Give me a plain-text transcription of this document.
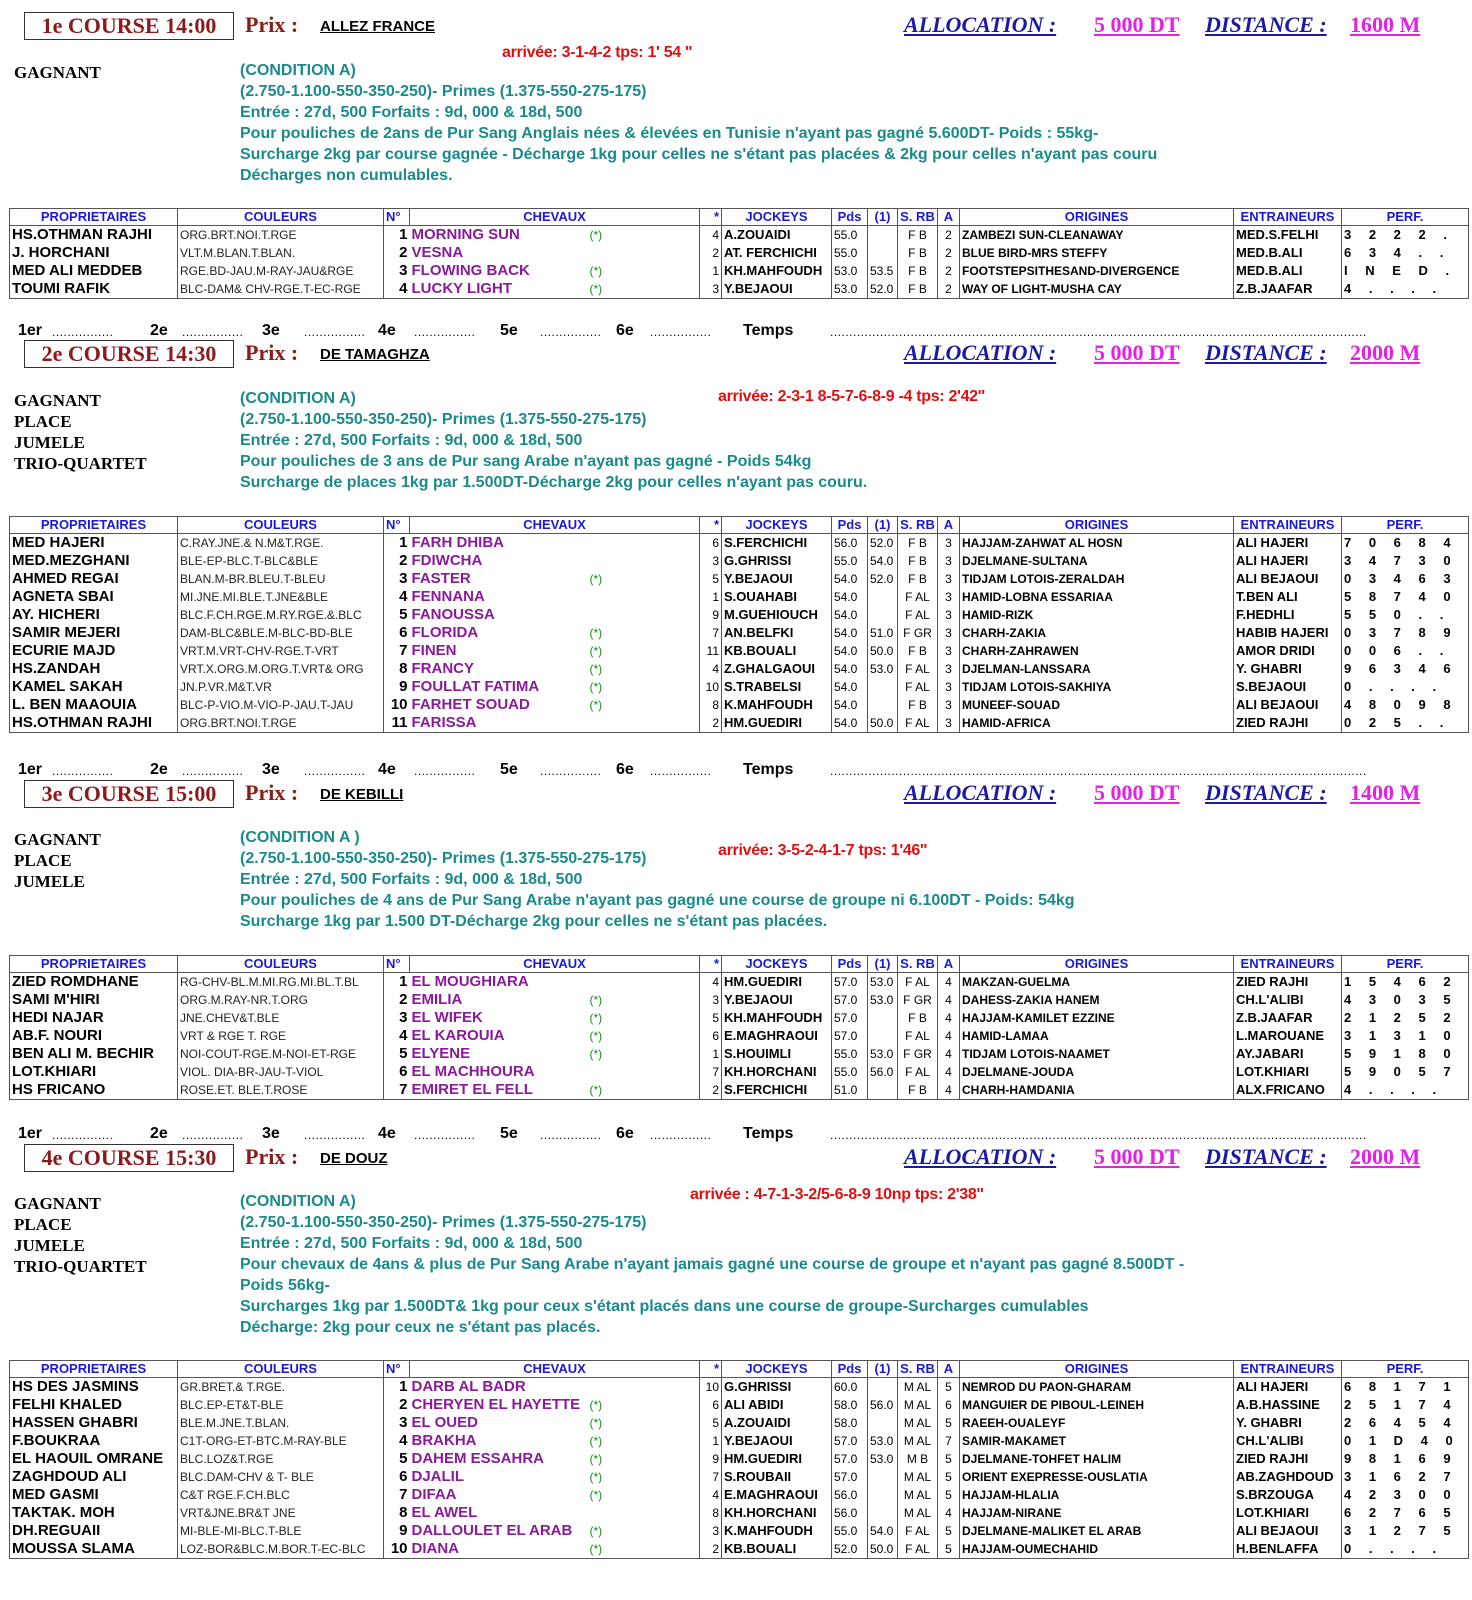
1e COURSE 14:00	Prix : ALLEZ FRANCE	ALLOCATION : 5 000 DT DISTANCE : 1600 M
arrivée: 3-1-4-2 tps: 1' 54 ''
GAGNANT	(CONDITION A)
(2.750-1.100-550-350-250)- Primes (1.375-550-275-175)
Entrée : 27d, 500 Forfaits : 9d, 000 & 18d, 500
Pour pouliches de 2ans de Pur Sang Anglais nées & élevées en Tunisie n'ayant pas gagné 5.600DT- Poids : 55kg-
Surcharge 2kg par course gagnée - Décharge 1kg pour celles ne s'étant pas placées & 2kg pour celles n'ayant pas couru
Décharges non cumulables.
PROPRIETAIRES	COULEURS	N°	CHEVAUX	*	JOCKEYS	Pds	(1)	S. RB	A	ORIGINES	ENTRAINEURS	PERF.
HS.OTHMAN RAJHI	ORG.BRT.NOI.T.RGE	1	MORNING SUN (*)	4	A.ZOUAIDI	55.0		F B	2	ZAMBEZI SUN-CLEANAWAY	MED.S.FELHI	3 2 2 2 .
J. HORCHANI	VLT.M.BLAN.T.BLAN.	2	VESNA	2	AT. FERCHICHI	55.0		F B	2	BLUE BIRD-MRS STEFFY	MED.B.ALI	6 3 4 . .
MED ALI MEDDEB	RGE.BD-JAU.M-RAY-JAU&RGE	3	FLOWING BACK (*)	1	KH.MAHFOUDH	53.0	53.5	F B	2	FOOTSTEPSITHESAND-DIVERGENCE	MED.B.ALI	I N E D .
TOUMI RAFIK	BLC-DAM& CHV-RGE.T-EC-RGE	4	LUCKY LIGHT (*)	3	Y.BEJAOUI	53.0	52.0	F B	2	WAY OF LIGHT-MUSHA CAY	Z.B.JAAFAR	4 . . . .
1er ................ 2e ................ 3e ................ 4e ................ 5e ................ 6e ................ Temps	............................................................................................................................................
2e COURSE 14:30	Prix : DE TAMAGHZA	ALLOCATION : 5 000 DT DISTANCE : 2000 M
arrivée: 2-3-1 8-5-7-6-8-9 -4 tps: 2'42''
GAGNANT
PLACE
JUMELE
TRIO-QUARTET
(CONDITION A)
(2.750-1.100-550-350-250)- Primes (1.375-550-275-175)
Entrée : 27d, 500 Forfaits : 9d, 000 & 18d, 500
Pour pouliches de 3 ans de Pur sang Arabe n'ayant pas gagné - Poids 54kg
Surcharge de places 1kg par 1.500DT-Décharge 2kg pour celles n'ayant pas couru.
PROPRIETAIRES	COULEURS	N°	CHEVAUX	*	JOCKEYS	Pds	(1)	S. RB	A	ORIGINES	ENTRAINEURS	PERF.
MED HAJERI	C.RAY.JNE.& N.M&T.RGE.	1	FARH DHIBA	6	S.FERCHICHI	56.0	52.0	F B	3	HAJJAM-ZAHWAT AL HOSN	ALI HAJERI	7 0 6 8 4
MED.MEZGHANI	BLE-EP-BLC.T-BLC&BLE	2	FDIWCHA	3	G.GHRISSI	55.0	54.0	F B	3	DJELMANE-SULTANA	ALI HAJERI	3 4 7 3 0
AHMED REGAI	BLAN.M-BR.BLEU.T-BLEU	3	FASTER (*)	5	Y.BEJAOUI	54.0	52.0	F B	3	TIDJAM LOTOIS-ZERALDAH	ALI BEJAOUI	0 3 4 6 3
AGNETA SBAI	MI.JNE.MI.BLE.T.JNE&BLE	4	FENNANA	1	S.OUAHABI	54.0		F AL	3	HAMID-LOBNA ESSARIAA	T.BEN ALI	5 8 7 4 0
AY. HICHERI	BLC.F.CH.RGE.M.RY.RGE.&.BLC	5	FANOUSSA	9	M.GUEHIOUCH	54.0		F AL	3	HAMID-RIZK	F.HEDHLI	5 5 0 . .
SAMIR MEJERI	DAM-BLC&BLE.M-BLC-BD-BLE	6	FLORIDA (*)	7	AN.BELFKI	54.0	51.0	F GR	3	CHARH-ZAKIA	HABIB HAJERI	0 3 7 8 9
ECURIE MAJD	VRT.M.VRT-CHV-RGE.T-VRT	7	FINEN (*)	11	KB.BOUALI	54.0	50.0	F B	3	CHARH-ZAHRAWEN	AMOR DRIDI	0 0 6 . .
HS.ZANDAH	VRT.X.ORG.M.ORG.T.VRT& ORG	8	FRANCY (*)	4	Z.GHALGAOUI	54.0	53.0	F AL	3	DJELMAN-LANSSARA	Y. GHABRI	9 6 3 4 6
KAMEL SAKAH	JN.P.VR.M&T.VR	9	FOULLAT FATIMA (*)	10	S.TRABELSI	54.0		F AL	3	TIDJAM LOTOIS-SAKHIYA	S.BEJAOUI	0 . . . .
L. BEN MAAOUIA	BLC-P-VIO.M-VIO-P-JAU.T-JAU	10	FARHET SOUAD (*)	8	K.MAHFOUDH	54.0		F B	3	MUNEEF-SOUAD	ALI BEJAOUI	4 8 0 9 8
HS.OTHMAN RAJHI	ORG.BRT.NOI.T.RGE	11	FARISSA	2	HM.GUEDIRI	54.0	50.0	F AL	3	HAMID-AFRICA	ZIED RAJHI	0 2 5 . .
1er ................ 2e ................ 3e ................ 4e ................ 5e ................ 6e ................ Temps	............................................................................................................................................
3e COURSE 15:00	Prix : DE KEBILLI	ALLOCATION : 5 000 DT DISTANCE : 1400 M
arrivée: 3-5-2-4-1-7 tps: 1'46''
GAGNANT
PLACE
JUMELE
(CONDITION A )
(2.750-1.100-550-350-250)- Primes (1.375-550-275-175)
Entrée : 27d, 500 Forfaits : 9d, 000 & 18d, 500
Pour pouliches de 4 ans de Pur Sang Arabe n'ayant pas gagné une course de groupe ni 6.100DT - Poids: 54kg
Surcharge 1kg par 1.500 DT-Décharge 2kg pour celles ne s'étant pas placées.
PROPRIETAIRES	COULEURS	N°	CHEVAUX	*	JOCKEYS	Pds	(1)	S. RB	A	ORIGINES	ENTRAINEURS	PERF.
ZIED ROMDHANE	RG-CHV-BL.M.MI.RG.MI.BL.T.BL	1	EL MOUGHIARA	4	HM.GUEDIRI	57.0	53.0	F AL	4	MAKZAN-GUELMA	ZIED RAJHI	1 5 4 6 2
SAMI M'HIRI	ORG.M.RAY-NR.T.ORG	2	EMILIA (*)	3	Y.BEJAOUI	57.0	53.0	F GR	4	DAHESS-ZAKIA HANEM	CH.L'ALIBI	4 3 0 3 5
HEDI NAJAR	JNE.CHEV&T.BLE	3	EL WIFEK (*)	5	KH.MAHFOUDH	57.0		F B	4	HAJJAM-KAMILET EZZINE	Z.B.JAAFAR	2 1 2 5 2
AB.F. NOURI	VRT & RGE T. RGE	4	EL KAROUIA (*)	6	E.MAGHRAOUI	57.0		F AL	4	HAMID-LAMAA	L.MAROUANE	3 1 3 1 0
BEN ALI M. BECHIR	NOI-COUT-RGE.M-NOI-ET-RGE	5	ELYENE (*)	1	S.HOUIMLI	55.0	53.0	F GR	4	TIDJAM LOTOIS-NAAMET	AY.JABARI	5 9 1 8 0
LOT.KHIARI	VIOL. DIA-BR-JAU-T-VIOL	6	EL MACHHOURA	7	KH.HORCHANI	55.0	56.0	F AL	4	DJELMANE-JOUDA	LOT.KHIARI	5 9 0 5 7
HS FRICANO	ROSE.ET. BLE.T.ROSE	7	EMIRET EL FELL (*)	2	S.FERCHICHI	51.0		F B	4	CHARH-HAMDANIA	ALX.FRICANO	4 . . . .
1er ................ 2e ................ 3e ................ 4e ................ 5e ................ 6e ................ Temps	............................................................................................................................................
4e COURSE 15:30	Prix : DE DOUZ	ALLOCATION : 5 000 DT DISTANCE : 2000 M
arrivée : 4-7-1-3-2/5-6-8-9 10np tps: 2'38''
GAGNANT
PLACE
JUMELE
TRIO-QUARTET
(CONDITION A)
(2.750-1.100-550-350-250)- Primes (1.375-550-275-175)
Entrée : 27d, 500 Forfaits : 9d, 000 & 18d, 500
Pour chevaux de 4ans & plus de Pur Sang Arabe n'ayant jamais gagné une course de groupe et n'ayant pas gagné 8.500DT -
Poids 56kg-
Surcharges 1kg par 1.500DT& 1kg pour ceux s'étant placés dans une course de groupe-Surcharges cumulables
Décharge: 2kg pour ceux ne s'étant pas placés.
PROPRIETAIRES	COULEURS	N°	CHEVAUX	*	JOCKEYS	Pds	(1)	S. RB	A	ORIGINES	ENTRAINEURS	PERF.
HS DES JASMINS	GR.BRET.& T.RGE.	1	DARB AL BADR	10	G.GHRISSI	60.0		M AL	5	NEMROD DU PAON-GHARAM	ALI HAJERI	6 8 1 7 1
FELHI KHALED	BLC.EP-ET&T-BLE	2	CHERYEN EL HAYETTE (*)	6	ALI ABIDI	58.0	56.0	M AL	6	MANGUIER DE PIBOUL-LEINEH	A.B.HASSINE	2 5 1 7 4
HASSEN GHABRI	BLE.M.JNE.T.BLAN.	3	EL OUED (*)	5	A.ZOUAIDI	58.0		M AL	5	RAEEH-OUALEYF	Y. GHABRI	2 6 4 5 4
F.BOUKRAA	C1T-ORG-ET-BTC.M-RAY-BLE	4	BRAKHA (*)	1	Y.BEJAOUI	57.0	53.0	M AL	7	SAMIR-MAKAMET	CH.L'ALIBI	0 1 D 4 0
EL HAOUIL OMRANE	BLC.LOZ&T.RGE	5	DAHEM ESSAHRA (*)	9	HM.GUEDIRI	57.0	53.0	M B	5	DJELMANE-TOHFET HALIM	ZIED RAJHI	9 8 1 6 9
ZAGHDOUD ALI	BLC.DAM-CHV & T- BLE	6	DJALIL (*)	7	S.ROUBAII	57.0		M AL	5	ORIENT EXEPRESSE-OUSLATIA	AB.ZAGHDOUD	3 1 6 2 7
MED GASMI	C&T RGE.F.CH.BLC	7	DIFAA (*)	4	E.MAGHRAOUI	56.0		M AL	5	HAJJAM-HLALIA	S.BRZOUGA	4 2 3 0 0
TAKTAK. MOH	VRT&JNE.BR&T JNE	8	EL AWEL	8	KH.HORCHANI	56.0		M AL	4	HAJJAM-NIRANE	LOT.KHIARI	6 2 7 6 5
DH.REGUAII	MI-BLE-MI-BLC.T-BLE	9	DALLOULET EL ARAB (*)	3	K.MAHFOUDH	55.0	54.0	F AL	5	DJELMANE-MALIKET EL ARAB	ALI BEJAOUI	3 1 2 7 5
MOUSSA SLAMA	LOZ-BOR&BLC.M.BOR.T-EC-BLC	10	DIANA (*)	2	KB.BOUALI	52.0	50.0	F AL	5	HAJJAM-OUMECHAHID	H.BENLAFFA	0 . . . .
